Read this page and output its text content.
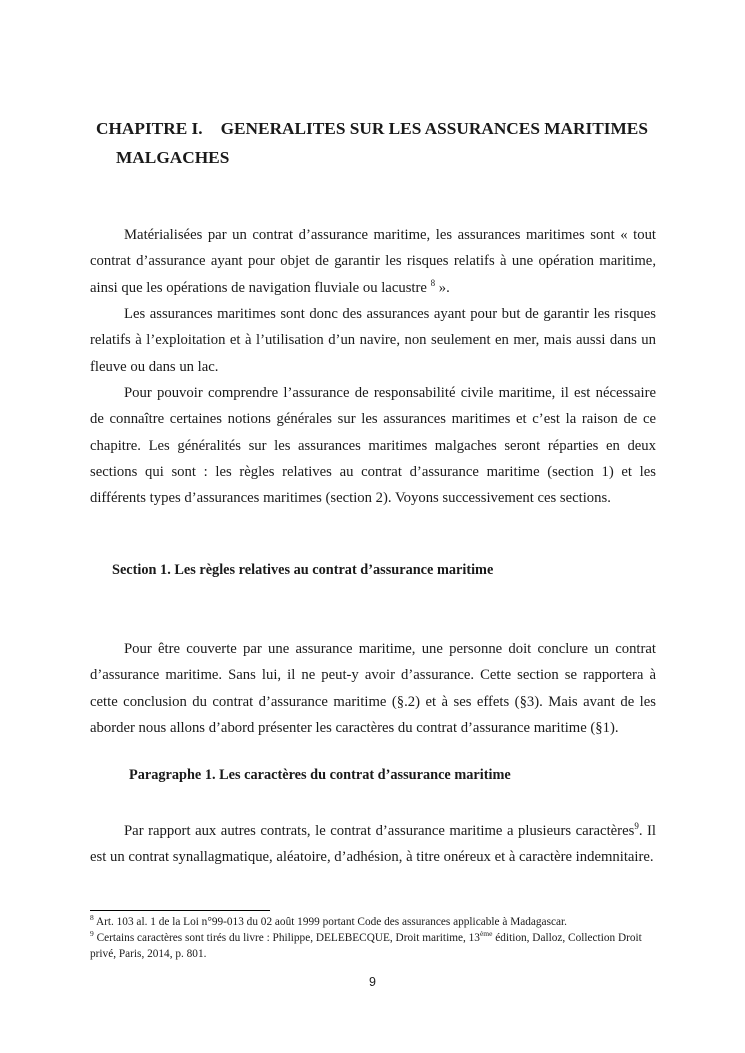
CHAPITRE I. GENERALITES SUR LES ASSURANCES MARITIMES
MALGACHES

Matérialisées par un contrat d’assurance maritime, les assurances maritimes sont « tout contrat d’assurance ayant pour objet de garantir les risques relatifs à une opération maritime, ainsi que les opérations de navigation fluviale ou lacustre $^8$ ».

Les assurances maritimes sont donc des assurances ayant pour but de garantir les risques relatifs à l’exploitation et à l’utilisation d’un navire, non seulement en mer, mais aussi dans un fleuve ou dans un lac.

Pour pouvoir comprendre l’assurance de responsabilité civile maritime, il est nécessaire de connaître certaines notions générales sur les assurances maritimes et c’est la raison de ce chapitre. Les généralités sur les assurances maritimes malgaches seront réparties en deux sections qui sont : les règles relatives au contrat d’assurance maritime (section 1) et les différents types d’assurances maritimes (section 2). Voyons successivement ces sections.

Section 1. Les règles relatives au contrat d’assurance maritime

Pour être couverte par une assurance maritime, une personne doit conclure un contrat d’assurance maritime. Sans lui, il ne peut-y avoir d’assurance. Cette section se rapportera à cette conclusion du contrat d’assurance maritime (§.2) et à ses effets (§3). Mais avant de les aborder nous allons d’abord présenter les caractères du contrat d’assurance maritime (§1).

Paragraphe 1. Les caractères du contrat d’assurance maritime

Par rapport aux autres contrats, le contrat d’assurance maritime a plusieurs caractères$^9$. Il est un contrat synallagmatique, aléatoire, d’adhésion, à titre onéreux et à caractère indemnitaire.

$^8$ Art. 103 al. 1 de la Loi n°99-013 du 02 août 1999 portant Code des assurances applicable à Madagascar.

$^9$ Certains caractères sont tirés du livre : Philippe, DELEBECQUE, Droit maritime, 13ème édition, Dalloz, Collection Droit privé, Paris, 2014, p. 801.

9
